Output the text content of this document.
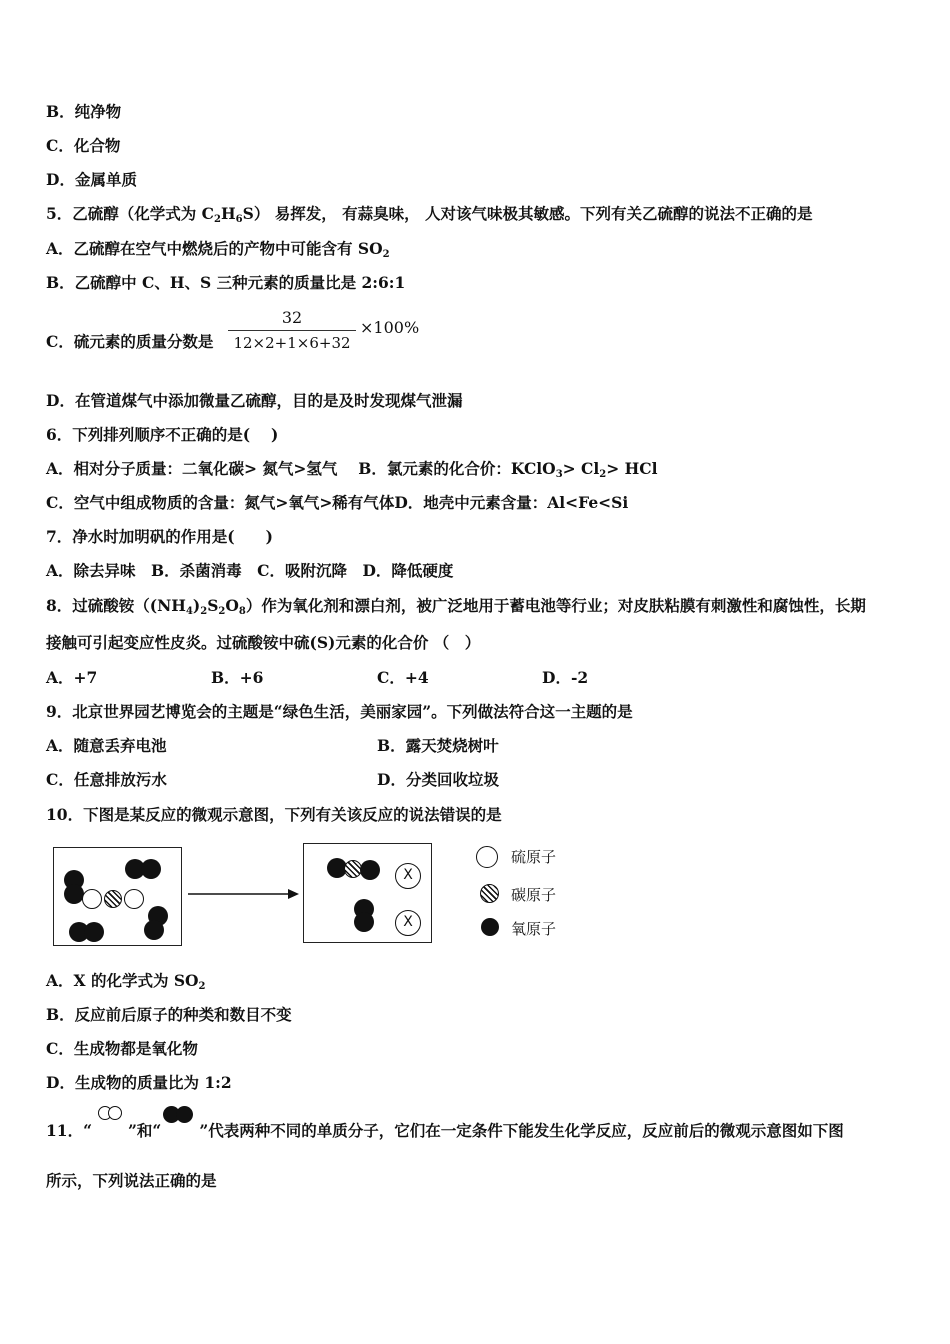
B．纯净物
C．化合物
D．金属单质
5．乙硫醇（化学式为 $C_2H_6S$） 易挥发， 有蒜臭味， 人对该气味极其敏感。下列有关乙硫醇的说法不正确的是
A．乙硫醇在空气中燃烧后的产物中可能含有 $SO_2$
B．乙硫醇中 C、H、S 三种元素的质量比是 2:6:1
C．硫元素的质量分数是
32
12×2+1×6+32
×100%
D．在管道煤气中添加微量乙硫醇，目的是及时发现煤气泄漏
6．下列排列顺序不正确的是(　 )
A．相对分子质量：二氧化碳> 氮气>氢气　 B．氯元素的化合价：KClO$_3$> $Cl_2>$ HCl
C．空气中组成物质的含量：氮气>氧气>稀有气体D．地壳中元素含量：Al<Fe<Si
7．净水时加明矾的作用是(　　)
A．除去异味　B．杀菌消毒　C．吸附沉降　D．降低硬度
8．过硫酸铵$((NH_4)_2S_2O_8)$作为氧化剂和漂白剂，被广泛地用于蓄电池等行业；对皮肤粘膜有刺激性和腐蚀性，长期
接触可引起变应性皮炎。过硫酸铵中硫(S)元素的化合价 （　）
A．+7	B．+6	C．+4	D．-2
9．北京世界园艺博览会的主题是“绿色生活，美丽家园”。下列做法符合这一主题的是
A．随意丢弃电池	B．露天焚烧树叶
C．任意排放污水	D．分类回收垃圾
10．下图是某反应的微观示意图，下列有关该反应的说法错误的是
X
X
硫原子
碳原子
氧原子
A．X 的化学式为 $SO_2$
B．反应前后原子的种类和数目不变
C．生成物都是氧化物
D．生成物的质量比为 1:2
11．“ ”和“ ”代表两种不同的单质分子，它们在一定条件下能发生化学反应，反应前后的微观示意图如下图
所示，下列说法正确的是
